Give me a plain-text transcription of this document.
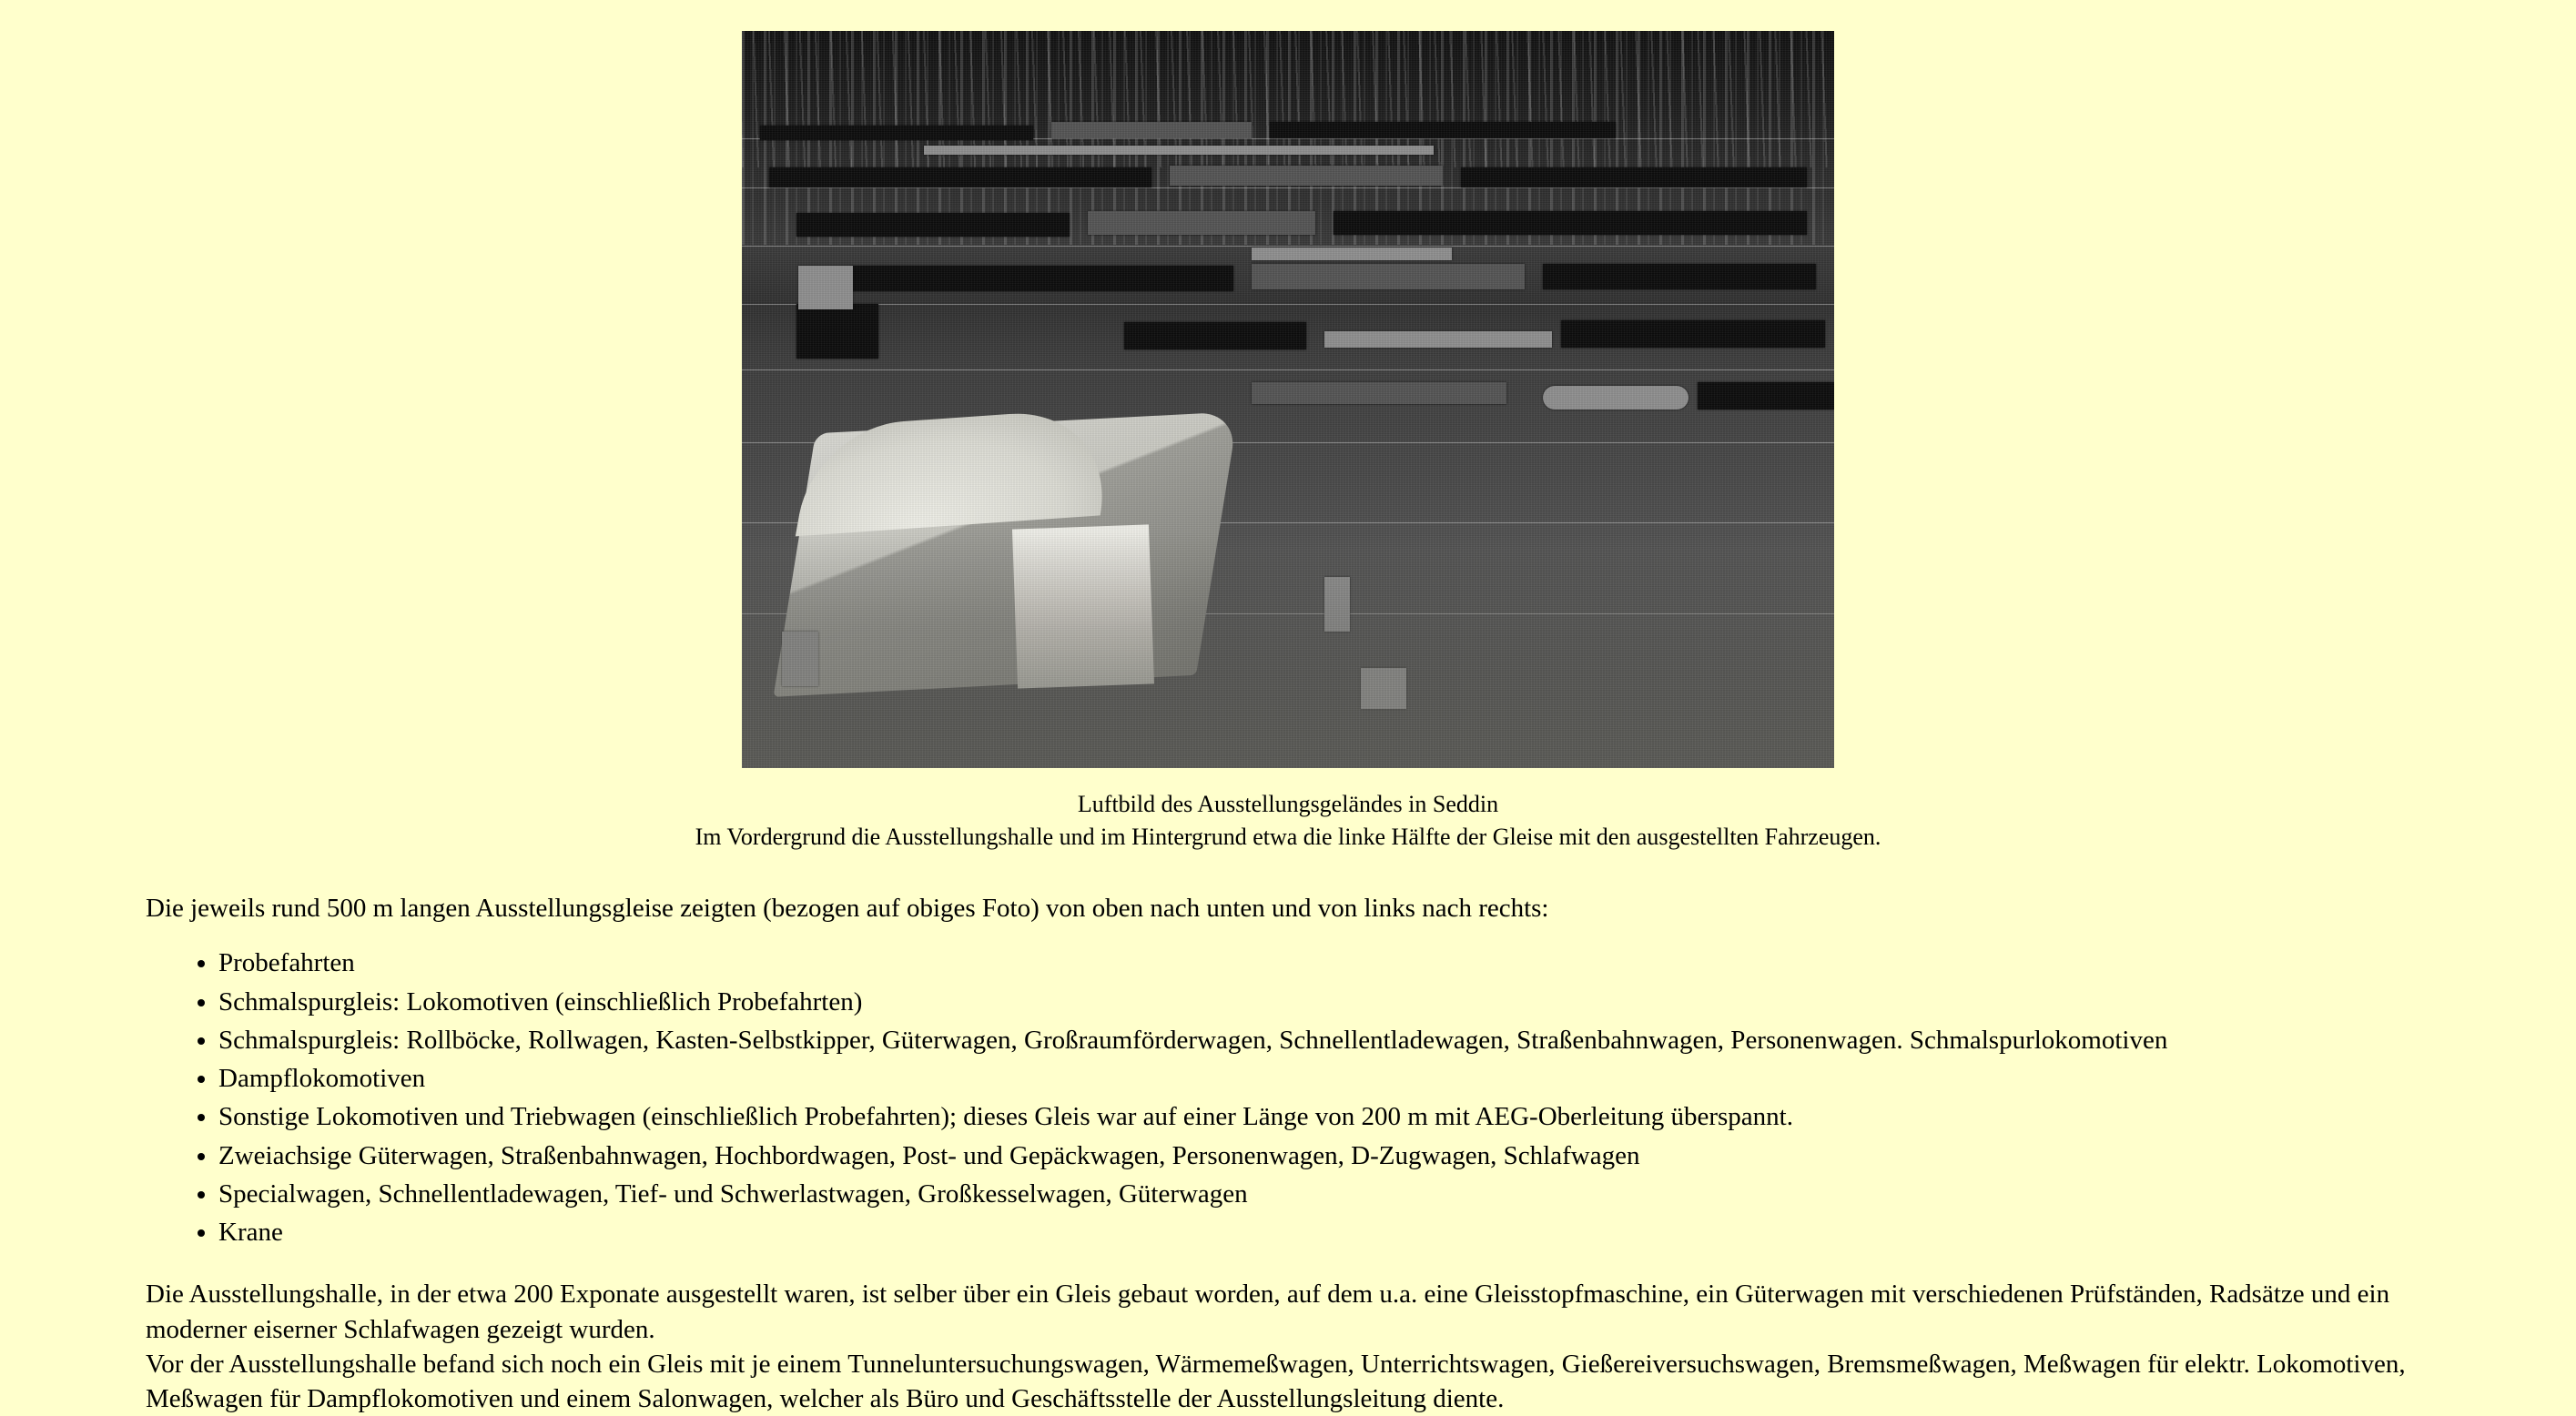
Luftbild des Ausstellungsgeländes in Seddin
Im Vordergrund die Ausstellungshalle und im Hintergrund etwa die linke Hälfte der Gleise mit den ausgestellten Fahrzeugen.

Die jeweils rund 500 m langen Ausstellungsgleise zeigten (bezogen auf obiges Foto) von oben nach unten und von links nach rechts:

• Probefahrten
• Schmalspurgleis: Lokomotiven (einschließlich Probefahrten)
• Schmalspurgleis: Rollböcke, Rollwagen, Kasten-Selbstkipper, Güterwagen, Großraumförderwagen, Schnellentladewagen, Straßenbahnwagen, Personenwagen. Schmalspurlokomotiven
• Dampflokomotiven
• Sonstige Lokomotiven und Triebwagen (einschließlich Probefahrten); dieses Gleis war auf einer Länge von 200 m mit AEG-Oberleitung überspannt.
• Zweiachsige Güterwagen, Straßenbahnwagen, Hochbordwagen, Post- und Gepäckwagen, Personenwagen, D-Zugwagen, Schlafwagen
• Specialwagen, Schnellentladewagen, Tief- und Schwerlastwagen, Großkesselwagen, Güterwagen
• Krane

Die Ausstellungshalle, in der etwa 200 Exponate ausgestellt waren, ist selber über ein Gleis gebaut worden, auf dem u.a. eine Gleisstopfmaschine, ein Güterwagen mit verschiedenen Prüfständen, Radsätze und ein moderner eiserner Schlafwagen gezeigt wurden.

Vor der Ausstellungshalle befand sich noch ein Gleis mit je einem Tunneluntersuchungswagen, Wärmemeßwagen, Unterrichtswagen, Gießereiversuchswagen, Bremsmeßwagen, Meßwagen für elektr. Lokomotiven, Meßwagen für Dampflokomotiven und einem Salonwagen, welcher als Büro und Geschäftsstelle der Ausstellungsleitung diente.
